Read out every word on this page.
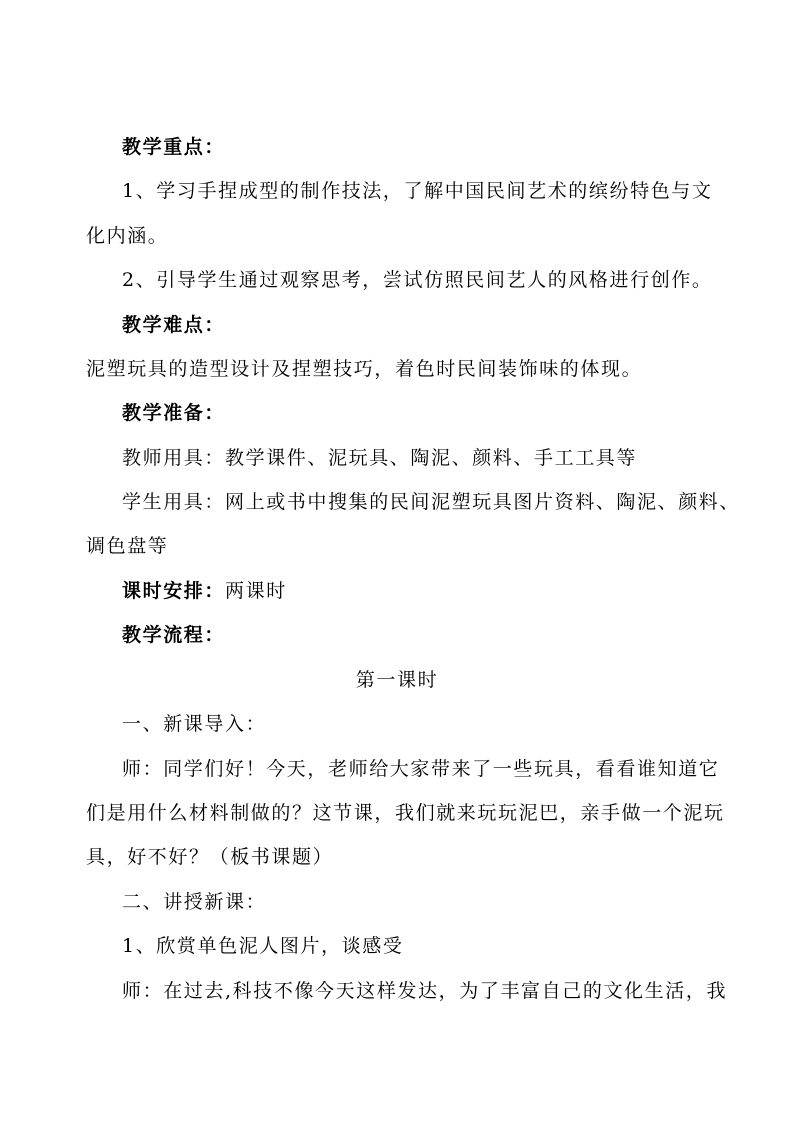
教学重点：
1、学习手捏成型的制作技法，了解中国民间艺术的缤纷特色与文
化内涵。
2、引导学生通过观察思考，尝试仿照民间艺人的风格进行创作。
教学难点：
泥塑玩具的造型设计及捏塑技巧，着色时民间装饰味的体现。
教学准备：
教师用具：教学课件、泥玩具、陶泥、颜料、手工工具等
学生用具：网上或书中搜集的民间泥塑玩具图片资料、陶泥、颜料、
调色盘等
课时安排：两课时
教学流程：
第一课时
一、新课导入：
师：同学们好！今天，老师给大家带来了一些玩具，看看谁知道它
们是用什么材料制做的？这节课，我们就来玩玩泥巴，亲手做一个泥玩
具，好不好？（板书课题）
二、讲授新课：
1、欣赏单色泥人图片，谈感受
师：在过去,科技不像今天这样发达，为了丰富自己的文化生活，我
